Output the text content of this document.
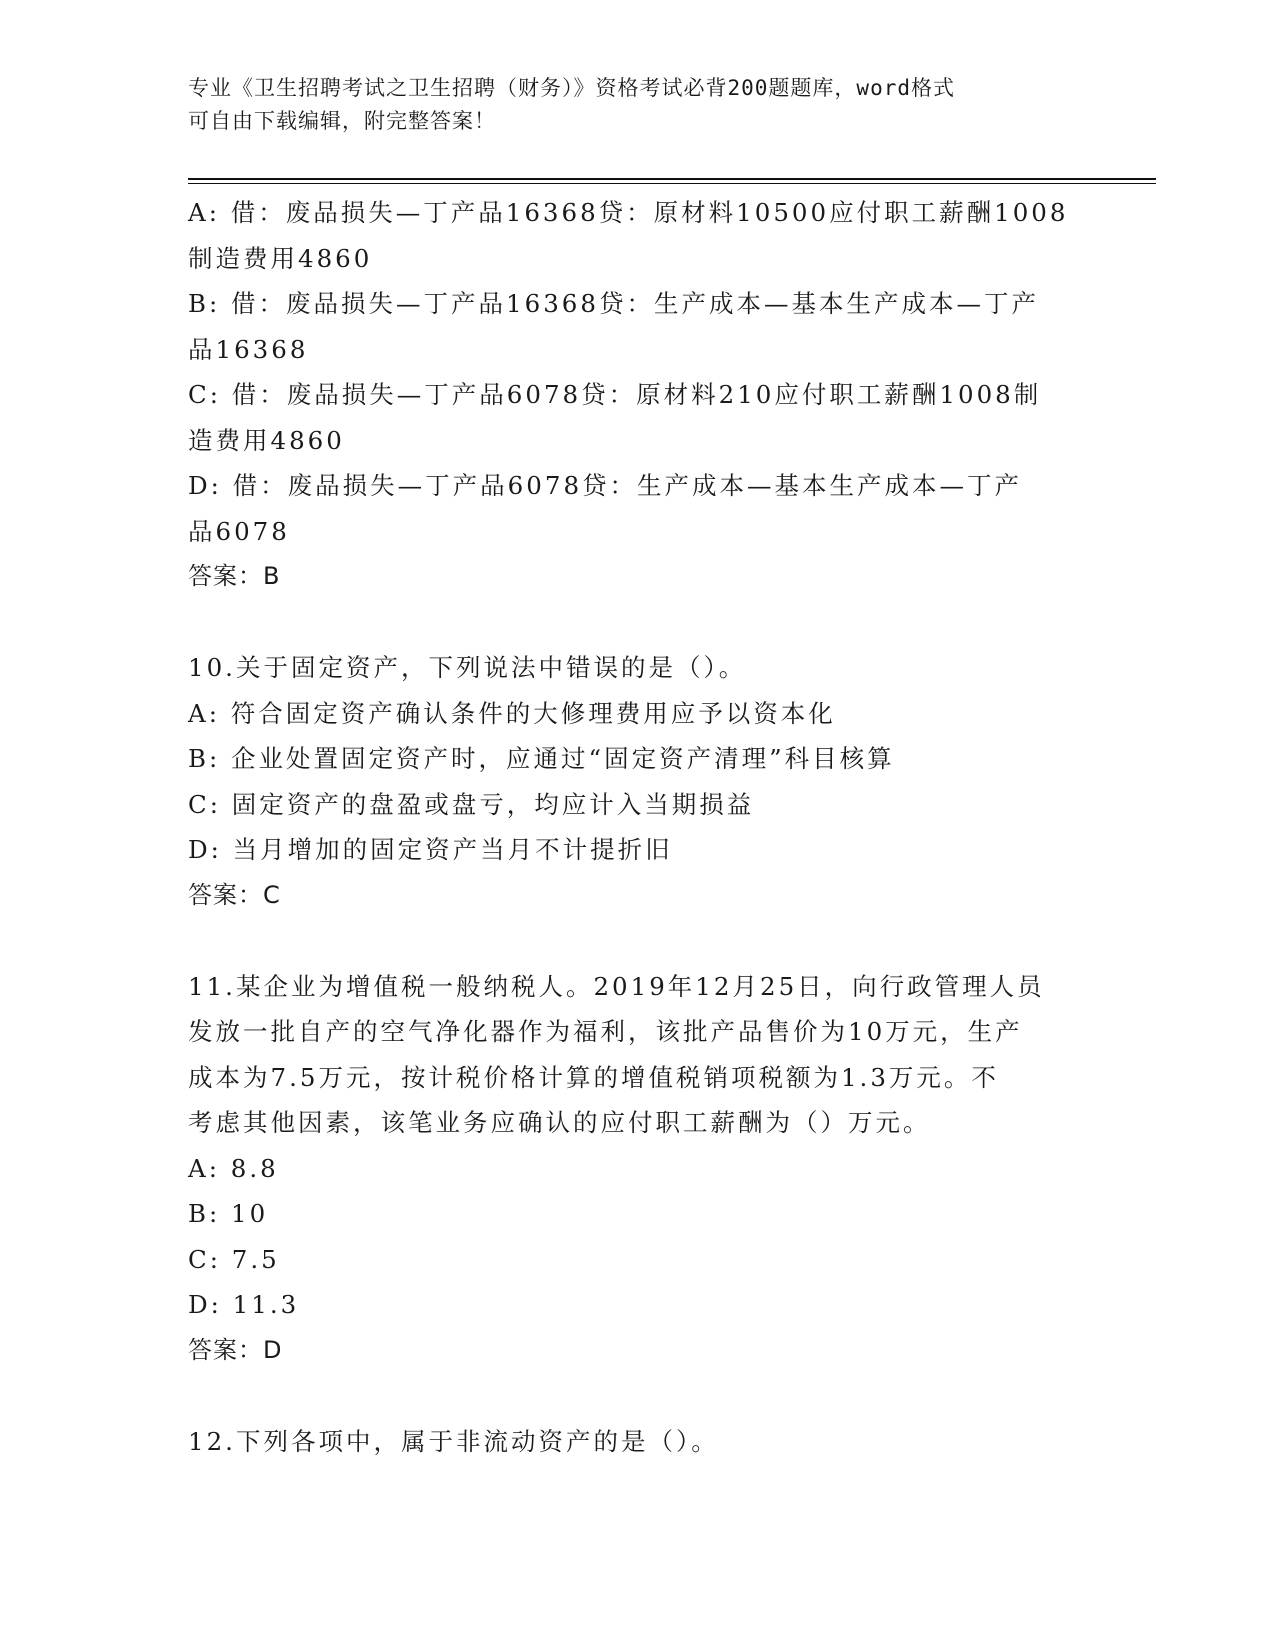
专业《卫生招聘考试之卫生招聘（财务）》资格考试必背200题题库，word格式
可自由下载编辑，附完整答案！
A: 借：废品损失—丁产品16368贷：原材料10500应付职工薪酬1008
制造费用4860
B: 借：废品损失—丁产品16368贷：生产成本—基本生产成本—丁产
品16368
C: 借：废品损失—丁产品6078贷：原材料210应付职工薪酬1008制
造费用4860
D: 借：废品损失—丁产品6078贷：生产成本—基本生产成本—丁产
品6078
答案：B
10.关于固定资产，下列说法中错误的是（）。
A: 符合固定资产确认条件的大修理费用应予以资本化
B: 企业处置固定资产时，应通过“固定资产清理”科目核算
C: 固定资产的盘盈或盘亏，均应计入当期损益
D: 当月增加的固定资产当月不计提折旧
答案：C
11.某企业为增值税一般纳税人。2019年12月25日，向行政管理人员
发放一批自产的空气净化器作为福利，该批产品售价为10万元，生产
成本为7.5万元，按计税价格计算的增值税销项税额为1.3万元。不
考虑其他因素，该笔业务应确认的应付职工薪酬为（）万元。
A: 8.8
B: 10
C: 7.5
D: 11.3
答案：D
12.下列各项中，属于非流动资产的是（）。
